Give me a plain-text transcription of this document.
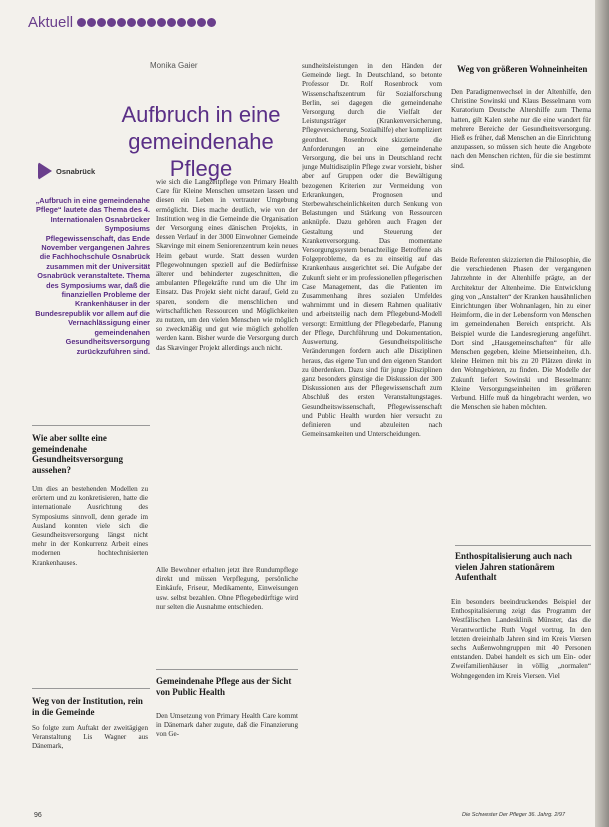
Aktuell
Monika Gaier
Aufbruch in eine gemeindenahe Pflege
Osnabrück
„Aufbruch in eine gemeindenahe Pflege“ lautete das Thema des 4. Internationalen Osnabrücker Symposiums Pflegewissenschaft, das Ende November vergangenen Jahres die Fachhochschule Osnabrück zusammen mit der Universität Osnabrück veranstaltete. Thema des Symposiums war, daß die finanziellen Probleme der Krankenhäuser in der Bundesrepublik vor allem auf die Vernachlässigung einer gemeindenahen Gesundheitsversorgung zurückzuführen sind.
Wie aber sollte eine gemeindenahe Gesundheitsversorgung aussehen?

Um dies an bestehenden Modellen zu erörtern und zu konkretisieren, hatte die internationale Ausrichtung des Symposiums sinnvoll, denn gerade im Ausland konnten viele sich die Gesundheitsversorgung längst nicht mehr in der Konkurrenz Arbeit eines modernen hochtechnisierten Krankenhauses.

Weg von der Institution, rein in die Gemeinde

So folgte zum Auftakt der zweitägigen Veranstaltung Lis Wagner aus Dänemark,

wie sich die Langzeitpflege von Primary Health Care für Kleine Menschen umsetzen lassen und diesen ein Leben in vertrauter Umgebung ermöglicht. Dies mache deutlich, wie von der Institution weg in die Gemeinde die Organisation der Versorgung eines dänischen Projekts, in dessen Verlauf in der 3000 Einwohner Gemeinde Skævinge mit einem Seniorenzentrum kein neues Heim gebaut wurde. Statt dessen wurden Pflegewohnungen speziell auf die Bedürfnisse älterer und behinderter zugeschnitten, die ambulanten Pflegekräfte rund um die Uhr im Einsatz. Das Projekt sieht nicht darauf, Geld zu sparen, sondern die menschlichen und wirtschaftlichen Ressourcen und Möglichkeiten zu nutzen, um den vielen Menschen wie möglich so zweckmäßig und gut wie möglich geholfen werden kann. Bisher wurde die Versorgung durch das Skævinger Projekt allerdings auch nicht.

Alle Bewohner erhalten jetzt ihre Rundumpflege direkt und müssen Verpflegung, persönliche Einkäufe, Friseur, Medikamente, Einweisungen usw. selbst bezahlen. Ohne Pflegebedürftige wird nur selten die Ausnahme entschieden.

Gemeindenahe Pflege aus der Sicht von Public Health

Den Umsetzung von Primary Health Care kommt in Dänemark daher zugute, daß die Finanzierung von Ge-

sundheitsleistungen in den Händen der Gemeinde liegt. In Deutschland, so betonte Professor Dr. Rolf Rosenbrock vom Wissenschaftszentrum für Sozialforschung Berlin, sei dagegen die gemeindenahe Versorgung durch die Vielfalt der Leistungsträger (Krankenversicherung, Pflegeversicherung, Sozialhilfe) eher kompliziert geordnet. Rosenbrock skizzierte die Anforderungen an eine gemeindenahe Versorgung, die bei uns in Deutschland recht junge Multidisziplin Pflege zwar vorsieht, bisher aber auf Gruppen oder die Bewältigung bezogenen Kriterien zur Vermeidung von Erkrankungen, Prognosen und Sterbewahrscheinlichkeiten durch Senkung von Belastungen und Stärkung von Ressourcen anknüpfe. Dazu gehören auch Fragen der Gestaltung und Steuerung der Krankenversorgung. Das momentane Versorgungssystem benachteilige Betroffene als Folgeprobleme, da es zu einseitig auf das Krankenhaus ausgerichtet sei. Die Aufgabe der Zukunft sieht er im professionellen pflegerischen Case Management, das die Patienten im Zusammenhang ihres sozialen Umfeldes wahrnimmt und in diesem Rahmen qualitativ und arbeitsteilig nach dem Pflegebund-Modell versorgt: Ermittlung der Pflegebedarfe, Planung der Pflege, Durchführung und Dokumentation, Auswertung. Gesundheitspolitische Veränderungen fordern auch alle Disziplinen heraus, das eigene Tun und den eigenen Standort zu überdenken. Dazu sind für junge Disziplinen ganz besonders günstige die Diskussion der 300 Diskussionen aus der Pflegewissenschaft zum Abschluß des ersten Veranstaltungstages. Gesundheitswissenschaft, Pflegewissenschaft und Public Health wurden hier versucht zu definieren und abzuleiten nach Gemeinsamkeiten und Unterscheidungen.

Weg von größeren Wohneinheiten

Den Paradigmenwechsel in der Altenhilfe, den Christine Sowinski und Klaus Besselmann vom Kuratorium Deutsche Altershilfe zum Thema hatten, gilt Kalen stehe nur die eine wandert für mehrere Bereiche der Gesundheitsversorgung. Hieß es früher, daß Menschen an die Einrichtung anzupassen, so müssen sich heute die Angebote nach den Menschen richten, für die sie bestimmt sind.

Beide Referenten skizzierten die Philosophie, die die verschiedenen Phasen der vergangenen Jahrzehnte in der Altenhilfe prägte, an der Architektur der Altenheime. Die Entwicklung ging von „Anstalten“ der Kranken hausähnlichen Einrichtungen über Wohnanlagen, hin zu einer Heimform, die in der Lebensform von Menschen im gemeindenahen Bereich entspricht. Als Beispiel wurde die Landesregierung angeführt. Dort sind „Hausgemeinschaften“ für alle Menschen gegeben, kleine Mietseinheiten, d.h. kleine Heimen mit bis zu 20 Plätzen direkt in den Wohngebieten, zu finden. Die Modelle der Zukunft liefert Sowinski und Besselmann: Kleine Versorgungseinheiten im größeren Verbund. Hilfe muß da hingebracht werden, wo die Menschen sie haben möchten.

Enthospitalisierung auch nach vielen Jahren stationärem Aufenthalt

Ein besonders beeindruckendes Beispiel der Enthospitalisierung zeigt das Programm der Westfälischen Landesklinik Münster, das die Verantwortliche Ruth Vogel vortrug. In den letzten dreieinhalb Jahren sind im Kreis Viersen sechs Außenwohngruppen mit 40 Personen entstanden. Dabei handelt es sich um Ein- oder Zweifamilienhäuser in völlig „normalen“ Wohngegenden im Kreis Viersen. Viel

96	Die Schwester Der Pfleger 36. Jahrg. 2/97
